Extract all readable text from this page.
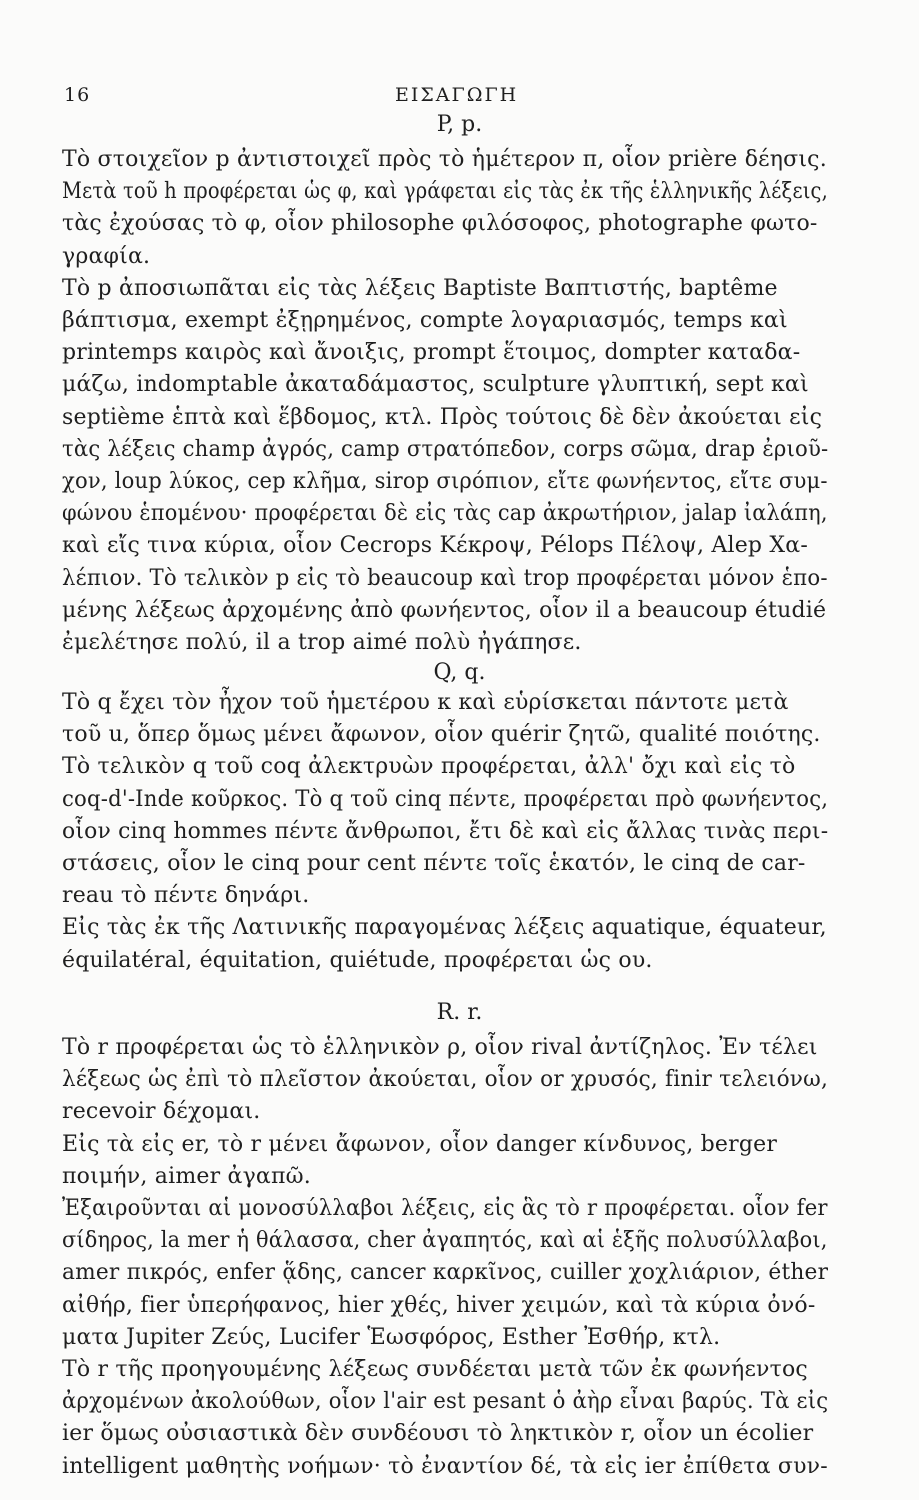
16	ΕΙΣΑΓΩΓΗ
P, p.
Τὸ στοιχεῖον p ἀντιστοιχεῖ πρὸς τὸ ἡμέτερον π, οἷον prière δέησις.
Μετὰ τοῦ h προφέρεται ὡς φ, καὶ γράφεται εἰς τὰς ἐκ τῆς ἑλληνικῆς λέξεις,
τὰς ἐχούσας τὸ φ, οἷον philosophe φιλόσοφος, photographe φωτο-
γραφία.
Τὸ p ἀποσιωπᾶται εἰς τὰς λέξεις Baptiste Βαπτιστής, baptême
βάπτισμα, exempt ἐξῃρημένος, compte λογαριασμός, temps καὶ
printemps καιρὸς καὶ ἄνοιξις, prompt ἕτοιμος, dompter καταδα-
μάζω, indomptable ἀκαταδάμαστος, sculpture γλυπτική, sept καὶ
septième ἑπτὰ καὶ ἕβδομος, κτλ. Πρὸς τούτοις δὲ δὲν ἀκούεται εἰς
τὰς λέξεις champ ἀγρός, camp στρατόπεδον, corps σῶμα, drap ἐριοῦ-
χον, loup λύκος, cep κλῆμα, sirop σιρόπιον, εἴτε φωνήεντος, εἴτε συμ-
φώνου ἑπομένου· προφέρεται δὲ εἰς τὰς cap ἀκρωτήριον, jalap ἰαλάπη,
καὶ εἴς τινα κύρια, οἷον Cecrops Κέκροψ, Pélops Πέλοψ, Alep Χα-
λέπιον. Τὸ τελικὸν p εἰς τὸ beaucoup καὶ trop προφέρεται μόνον ἑπο-
μένης λέξεως ἀρχομένης ἀπὸ φωνήεντος, οἷον il a beaucoup étudié
ἐμελέτησε πολύ, il a trop aimé πολὺ ἠγάπησε.
Q, q.
Τὸ q ἔχει τὸν ἦχον τοῦ ἡμετέρου κ καὶ εὑρίσκεται πάντοτε μετὰ
τοῦ u, ὅπερ ὅμως μένει ἄφωνον, οἷον quérir ζητῶ, qualité ποιότης.
Τὸ τελικὸν q τοῦ coq ἀλεκτρυὼν προφέρεται, ἀλλ' ὄχι καὶ εἰς τὸ
coq-d'-Inde κοῦρκος. Τὸ q τοῦ cinq πέντε, προφέρεται πρὸ φωνήεντος,
οἷον cinq hommes πέντε ἄνθρωποι, ἔτι δὲ καὶ εἰς ἄλλας τινὰς περι-
στάσεις, οἷον le cinq pour cent πέντε τοῖς ἑκατόν, le cinq de car-
reau τὸ πέντε δηνάρι.
Εἰς τὰς ἐκ τῆς Λατινικῆς παραγομένας λέξεις aquatique, équateur,
équilatéral, équitation, quiétude, προφέρεται ὡς ου.
R. r.
Τὸ r προφέρεται ὡς τὸ ἑλληνικὸν ρ, οἷον rival ἀντίζηλος. Ἐν τέλει
λέξεως ὡς ἐπὶ τὸ πλεῖστον ἀκούεται, οἷον or χρυσός, finir τελειόνω,
recevoir δέχομαι.
Εἰς τὰ εἰς er, τὸ r μένει ἄφωνον, οἷον danger κίνδυνος, berger
ποιμήν, aimer ἀγαπῶ.
Ἐξαιροῦνται αἱ μονοσύλλαβοι λέξεις, εἰς ἃς τὸ r προφέρεται. οἷον fer
σίδηρος, la mer ἡ θάλασσα, cher ἀγαπητός, καὶ αἱ ἑξῆς πολυσύλλαβοι,
amer πικρός, enfer ᾅδης, cancer καρκῖνος, cuiller χοχλιάριον, éther
αἰθήρ, fier ὑπερήφανος, hier χθές, hiver χειμών, καὶ τὰ κύρια ὀνό-
ματα Jupiter Ζεύς, Lucifer Ἑωσφόρος, Esther Ἐσθήρ, κτλ.
Τὸ r τῆς προηγουμένης λέξεως συνδέεται μετὰ τῶν ἐκ φωνήεντος
ἀρχομένων ἀκολούθων, οἷον l'air est pesant ὁ ἀὴρ εἶναι βαρύς. Τὰ εἰς
ier ὅμως οὐσιαστικὰ δὲν συνδέουσι τὸ ληκτικὸν r, οἷον un écolier
intelligent μαθητὴς νοήμων· τὸ ἐναντίον δέ, τὰ εἰς ier ἐπίθετα συν-
